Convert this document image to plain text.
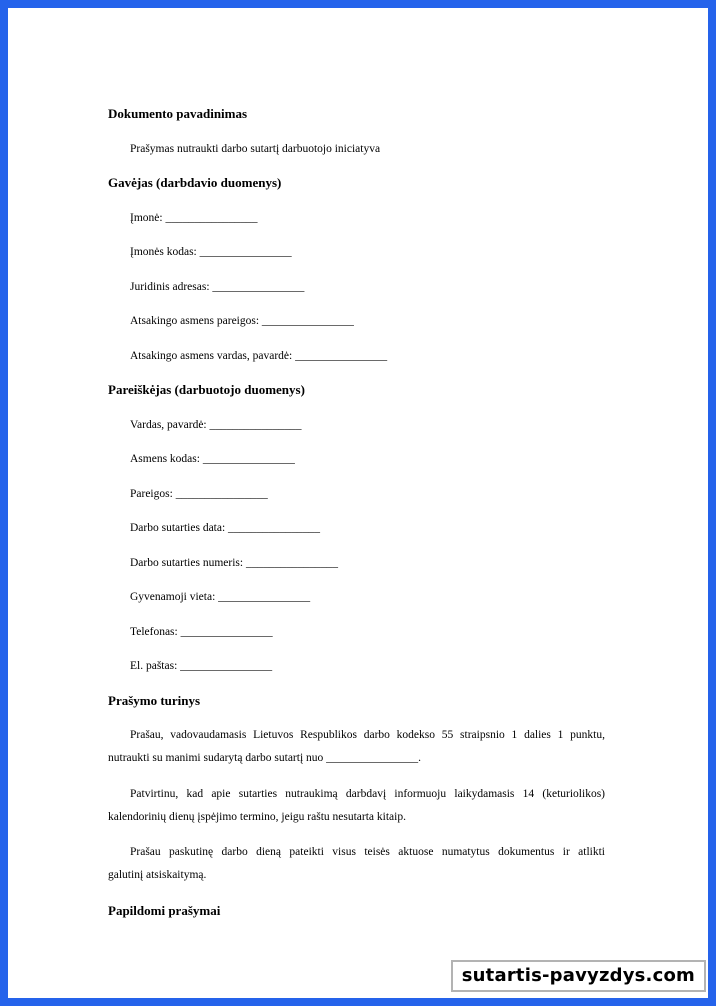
Dokumento pavadinimas
Prašymas nutraukti darbo sutartį darbuotojo iniciatyva
Gavėjas (darbdavio duomenys)
Įmonė: ________________
Įmonės kodas: ________________
Juridinis adresas: ________________
Atsakingo asmens pareigos: ________________
Atsakingo asmens vardas, pavardė: ________________
Pareiškėjas (darbuotojo duomenys)
Vardas, pavardė: ________________
Asmens kodas: ________________
Pareigos: ________________
Darbo sutarties data: ________________
Darbo sutarties numeris: ________________
Gyvenamoji vieta: ________________
Telefonas: ________________
El. paštas: ________________
Prašymo turinys
Prašau, vadovaudamasis Lietuvos Respublikos darbo kodekso 55 straipsnio 1 dalies 1 punktu,
nutraukti su manimi sudarytą darbo sutartį nuo ________________.
Patvirtinu, kad apie sutarties nutraukimą darbdavį informuoju laikydamasis 14 (keturiolikos)
kalendorinių dienų įspėjimo termino, jeigu raštu nesutarta kitaip.
Prašau paskutinę darbo dieną pateikti visus teisės aktuose numatytus dokumentus ir atlikti
galutinį atsiskaitymą.
Papildomi prašymai
sutartis-pavyzdys.com
